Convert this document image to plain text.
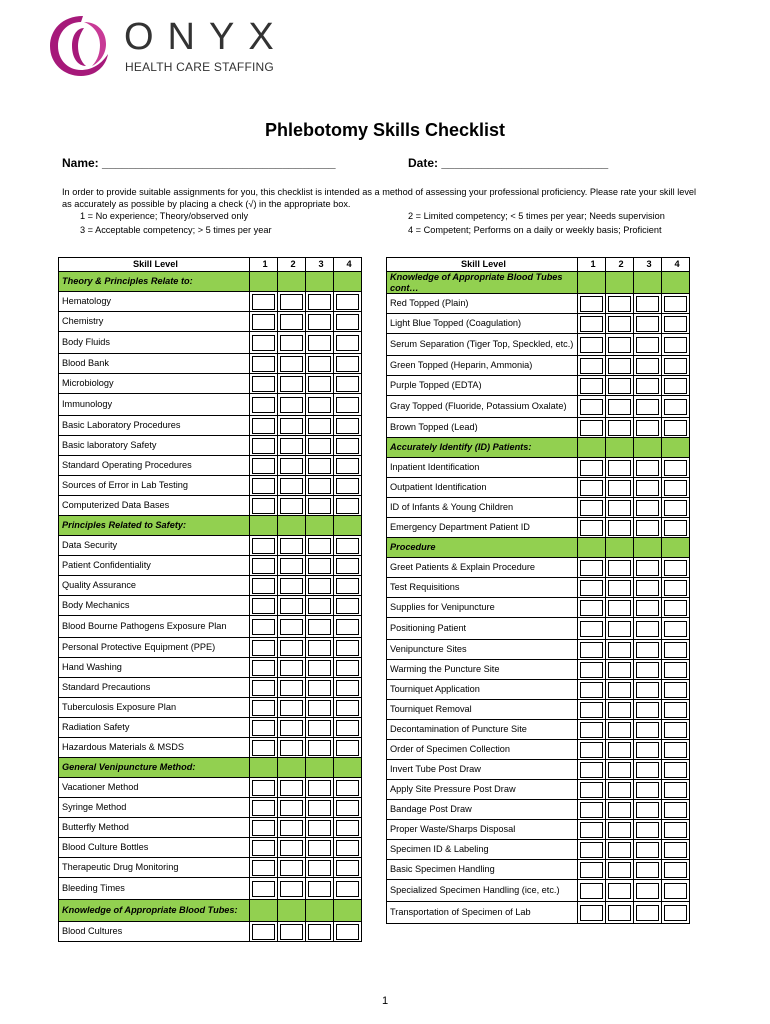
ONYX
HEALTH CARE STAFFING
Phlebotomy Skills Checklist
Name: ___________________________________	Date: _________________________
In order to provide suitable assignments for you, this checklist is intended as a method of assessing your professional proficiency. Please rate your skill level as accurately as possible by placing a check (√) in the appropriate box.
1 = No experience; Theory/observed only	2 = Limited competency; < 5 times per year; Needs supervision
3 = Acceptable competency; > 5 times per year	4 = Competent; Performs on a daily or weekly basis; Proficient
Skill Level	1	2	3	4
Theory & Principles Relate to:				
Hematology	

Chemistry	

Body Fluids	

Blood Bank	

Microbiology	

Immunology	

Basic Laboratory Procedures	

Basic laboratory Safety	

Standard Operating Procedures	

Sources of Error in Lab Testing	

Computerized Data Bases	

Principles Related to Safety:				
Data Security	

Patient Confidentiality	

Quality Assurance	

Body Mechanics	

Blood Bourne Pathogens Exposure Plan	

Personal Protective Equipment (PPE)	

Hand Washing	

Standard Precautions	

Tuberculosis Exposure Plan	

Radiation Safety	

Hazardous Materials & MSDS	

General Venipuncture Method:				
Vacationer Method	

Syringe Method	

Butterfly Method	

Blood Culture Bottles	

Therapeutic Drug Monitoring	

Bleeding Times	

Knowledge of Appropriate Blood Tubes:				
Blood Cultures	

Skill Level	1	2	3	4
Knowledge of Appropriate Blood Tubes cont…				
Red Topped (Plain)	

Light Blue Topped (Coagulation)	

Serum Separation (Tiger Top, Speckled, etc.)	

Green Topped (Heparin, Ammonia)	

Purple Topped (EDTA)	

Gray Topped (Fluoride, Potassium Oxalate)	

Brown Topped (Lead)	

Accurately Identify (ID) Patients:				
Inpatient Identification	

Outpatient Identification	

ID of Infants & Young Children	

Emergency Department Patient ID	

Procedure				
Greet Patients & Explain Procedure	

Test Requisitions	

Supplies for Venipuncture	

Positioning Patient	

Venipuncture Sites	

Warming the Puncture Site	

Tourniquet Application	

Tourniquet Removal	

Decontamination of Puncture Site	

Order of Specimen Collection	

Invert Tube Post Draw	

Apply Site Pressure Post Draw	

Bandage Post Draw	

Proper Waste/Sharps Disposal	

Specimen ID & Labeling	

Basic Specimen Handling	

Specialized Specimen Handling (ice, etc.)	

Transportation of Specimen of Lab	

1
